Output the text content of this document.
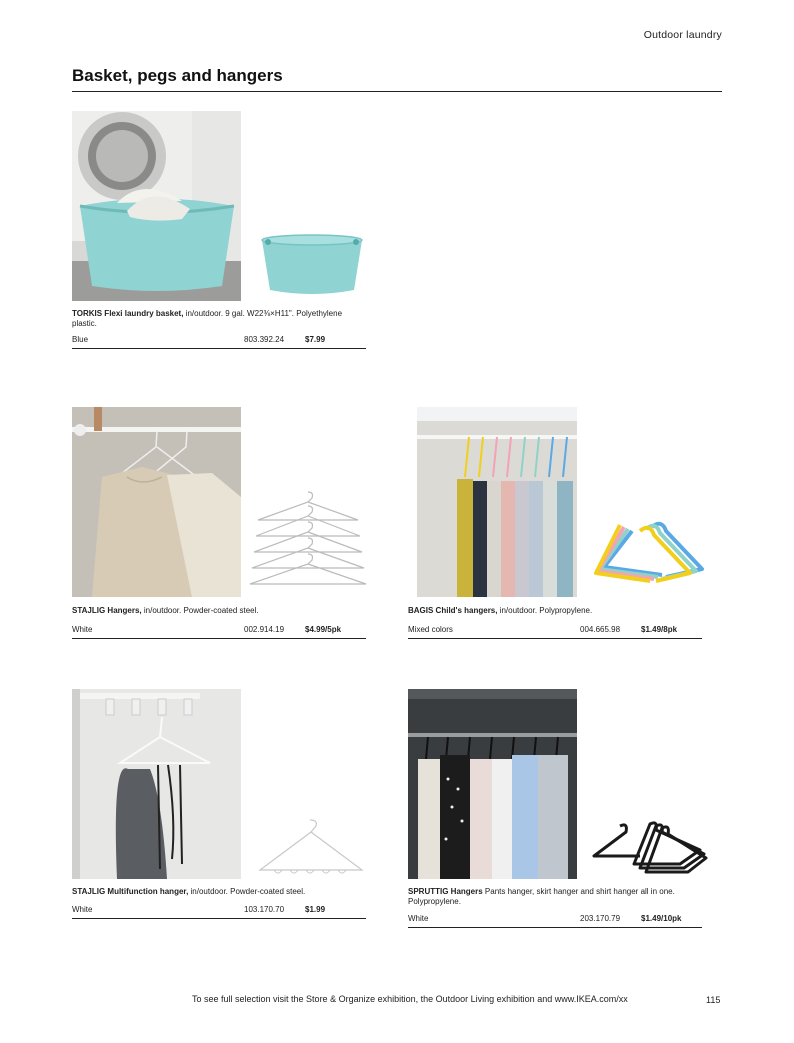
Outdoor laundry
Basket, pegs and hangers
TORKIS Flexi laundry basket, in/outdoor. 9 gal. W22⅜×H11". Polyethylene plastic.
Blue	803.392.24	$7.99
STAJLIG Hangers, in/outdoor. Powder-coated steel.
White	002.914.19	$4.99/5pk
BAGIS Child's hangers, in/outdoor. Polypropylene.
Mixed colors	004.665.98	$1.49/8pk
STAJLIG Multifunction hanger, in/outdoor. Powder-coated steel.
White	103.170.70	$1.99
SPRUTTIG Hangers Pants hanger, skirt hanger and shirt hanger all in one. Polypropylene.
White	203.170.79	$1.49/10pk
To see full selection visit the Store & Organize exhibition, the Outdoor Living exhibition and www.IKEA.com/xx	115
